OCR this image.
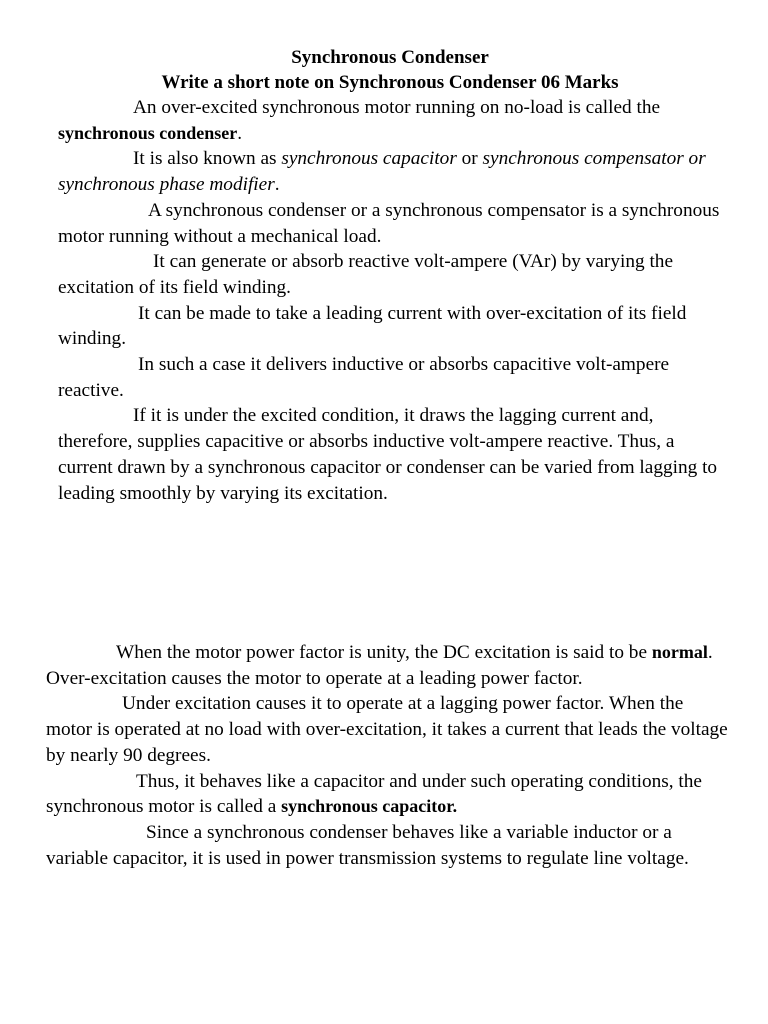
Synchronous Condenser
Write a short note on Synchronous Condenser 06 Marks

An over-excited synchronous motor running on no-load is called the synchronous condenser.

It is also known as synchronous capacitor or synchronous compensator or synchronous phase modifier.

A synchronous condenser or a synchronous compensator is a synchronous motor running without a mechanical load.

It can generate or absorb reactive volt-ampere (VAr) by varying the excitation of its field winding.

It can be made to take a leading current with over-excitation of its field winding.

In such a case it delivers inductive or absorbs capacitive volt-ampere reactive.

If it is under the excited condition, it draws the lagging current and, therefore, supplies capacitive or absorbs inductive volt-ampere reactive. Thus, a current drawn by a synchronous capacitor or condenser can be varied from lagging to leading smoothly by varying its excitation.

When the motor power factor is unity, the DC excitation is said to be normal. Over-excitation causes the motor to operate at a leading power factor.

Under excitation causes it to operate at a lagging power factor. When the motor is operated at no load with over-excitation, it takes a current that leads the voltage by nearly 90 degrees.

Thus, it behaves like a capacitor and under such operating conditions, the synchronous motor is called a synchronous capacitor.

Since a synchronous condenser behaves like a variable inductor or a variable capacitor, it is used in power transmission systems to regulate line voltage.
